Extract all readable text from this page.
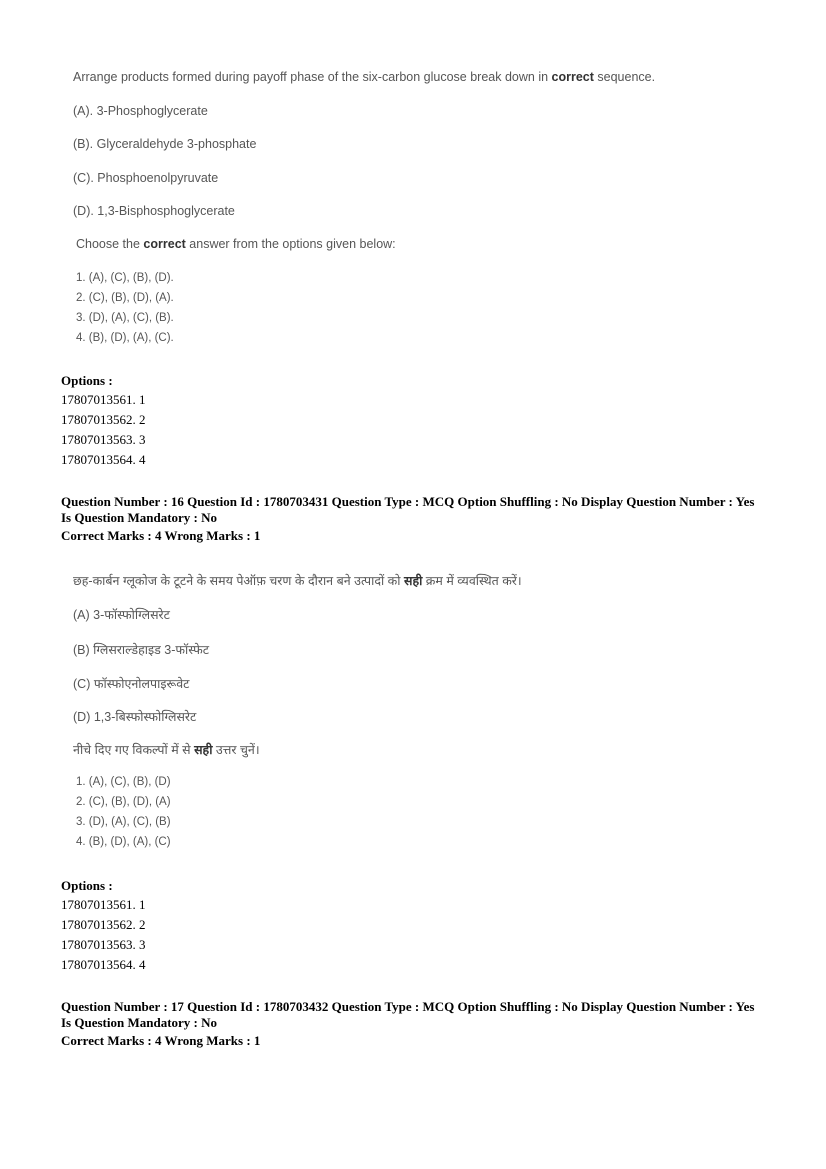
Arrange products formed during payoff phase of the six-carbon glucose break down in correct sequence.
(A). 3-Phosphoglycerate
(B). Glyceraldehyde 3-phosphate
(C). Phosphoenolpyruvate
(D). 1,3-Bisphosphoglycerate
Choose the correct answer from the options given below:
1. (A), (C), (B), (D).
2. (C), (B), (D), (A).
3. (D), (A), (C), (B).
4. (B), (D), (A), (C).
Options :
17807013561. 1
17807013562. 2
17807013563. 3
17807013564. 4
Question Number : 16 Question Id : 1780703431 Question Type : MCQ Option Shuffling : No Display Question Number : Yes
Is Question Mandatory : No
Correct Marks : 4 Wrong Marks : 1
छह-कार्बन ग्लूकोज के टूटने के समय पेऑफ़ चरण के दौरान बने उत्पादों को सही क्रम में व्यवस्थित करें।
(A) 3-फॉस्फोग्लिसरेट
(B) ग्लिसराल्डेहाइड 3-फॉस्फेट
(C) फॉस्फोएनोलपाइरूवेट
(D) 1,3-बिस्फोस्फोग्लिसरेट
नीचे दिए गए विकल्पों में से सही उत्तर चुनें।
1. (A), (C), (B), (D)
2. (C), (B), (D), (A)
3. (D), (A), (C), (B)
4. (B), (D), (A), (C)
Options :
17807013561. 1
17807013562. 2
17807013563. 3
17807013564. 4
Question Number : 17 Question Id : 1780703432 Question Type : MCQ Option Shuffling : No Display Question Number : Yes
Is Question Mandatory : No
Correct Marks : 4 Wrong Marks : 1
